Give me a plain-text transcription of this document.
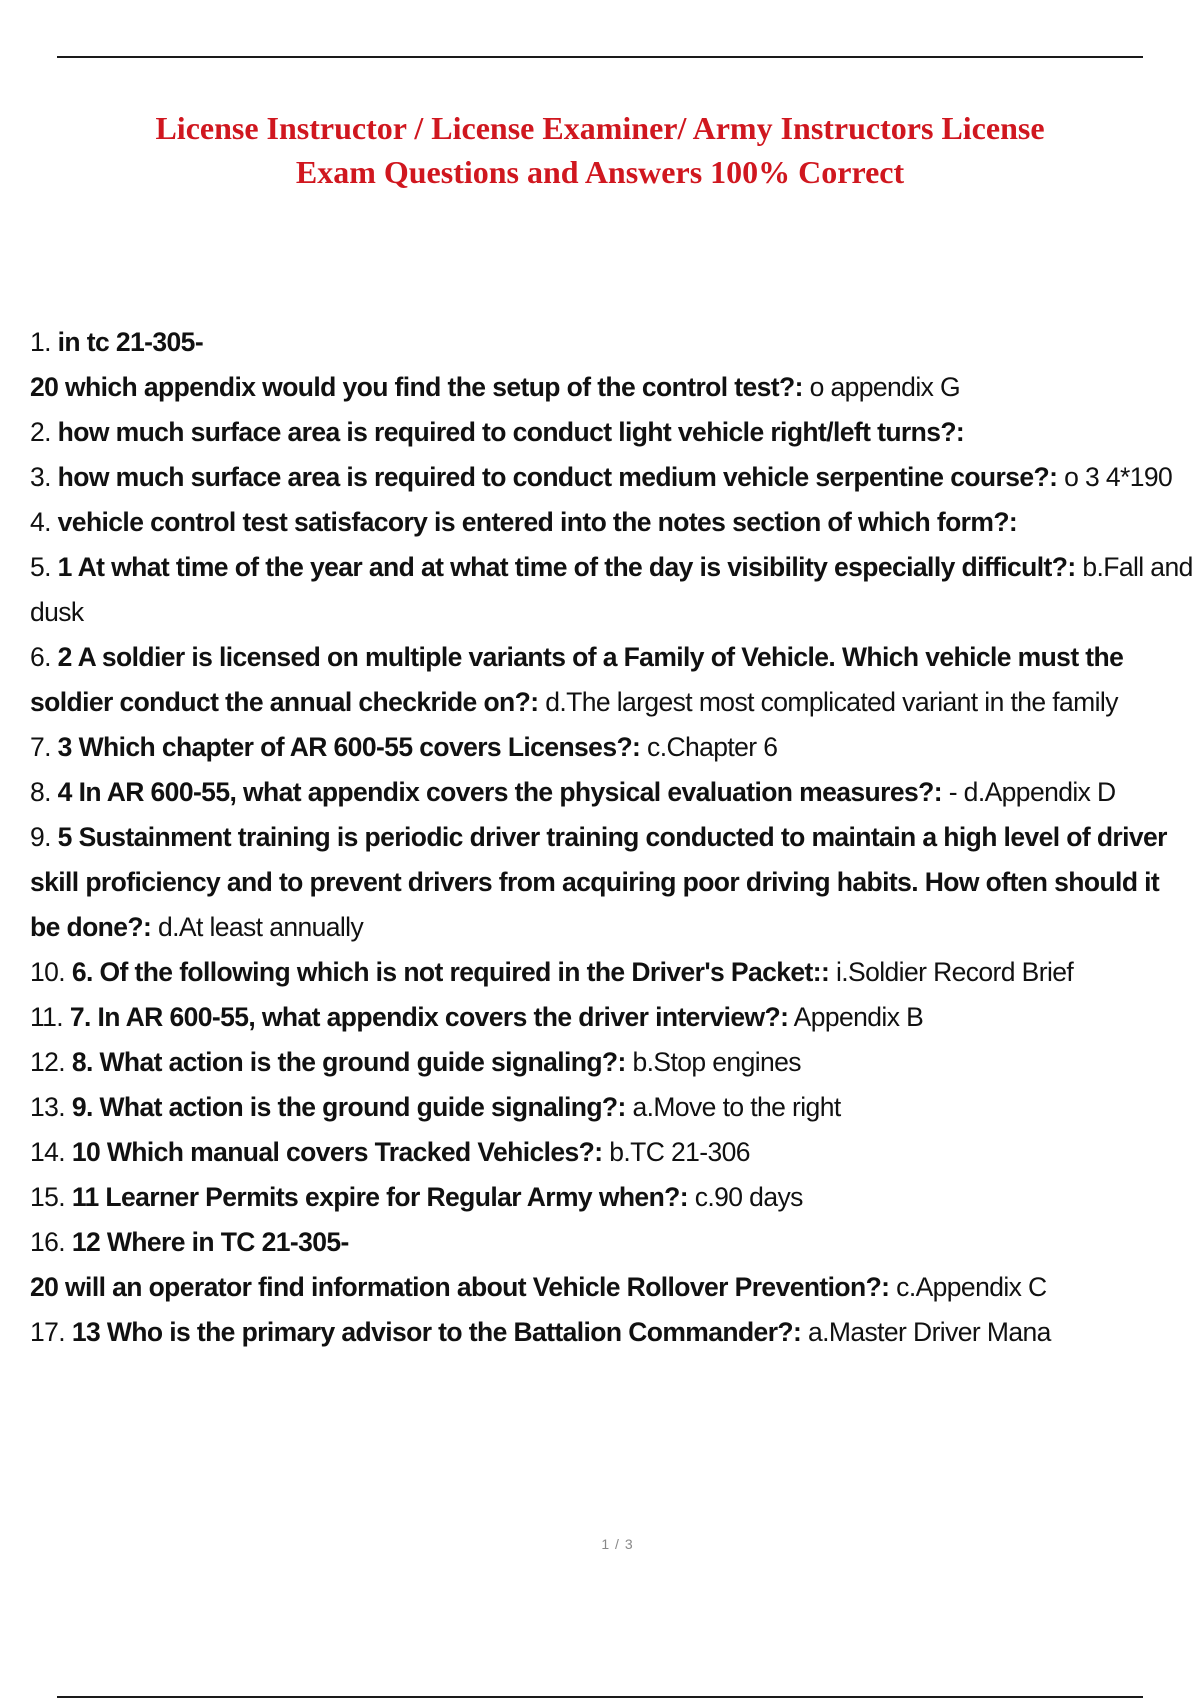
License Instructor / License Examiner/ Army Instructors License
Exam Questions and Answers 100% Correct
1. in tc 21-305-
20 which appendix would you find the setup of the control test?: o appendix G
2. how much surface area is required to conduct light vehicle right/left turns?:
3. how much surface area is required to conduct medium vehicle serpentine course?: o 3 4*190
4. vehicle control test satisfacory is entered into the notes section of which form?:
5. 1 At what time of the year and at what time of the day is visibility especially difficult?: b.Fall and dusk
6. 2 A soldier is licensed on multiple variants of a Family of Vehicle. Which vehicle must the soldier conduct the annual checkride on?: d.The largest most complicated variant in the family
7. 3 Which chapter of AR 600-55 covers Licenses?: c.Chapter 6
8. 4 In AR 600-55, what appendix covers the physical evaluation measures?: - d.Appendix D
9. 5 Sustainment training is periodic driver training conducted to maintain a high level of driver skill proficiency and to prevent drivers from acquiring poor driving habits. How often should it be done?: d.At least annually
10. 6. Of the following which is not required in the Driver's Packet:: i.Soldier Record Brief
11. 7. In AR 600-55, what appendix covers the driver interview?: Appendix B
12. 8. What action is the ground guide signaling?: b.Stop engines
13. 9. What action is the ground guide signaling?: a.Move to the right
14. 10 Which manual covers Tracked Vehicles?: b.TC 21-306
15. 11 Learner Permits expire for Regular Army when?: c.90 days
16. 12 Where in TC 21-305-
20 will an operator find information about Vehicle Rollover Prevention?: c.Appendix C
17. 13 Who is the primary advisor to the Battalion Commander?: a.Master Driver Mana
1 / 3
